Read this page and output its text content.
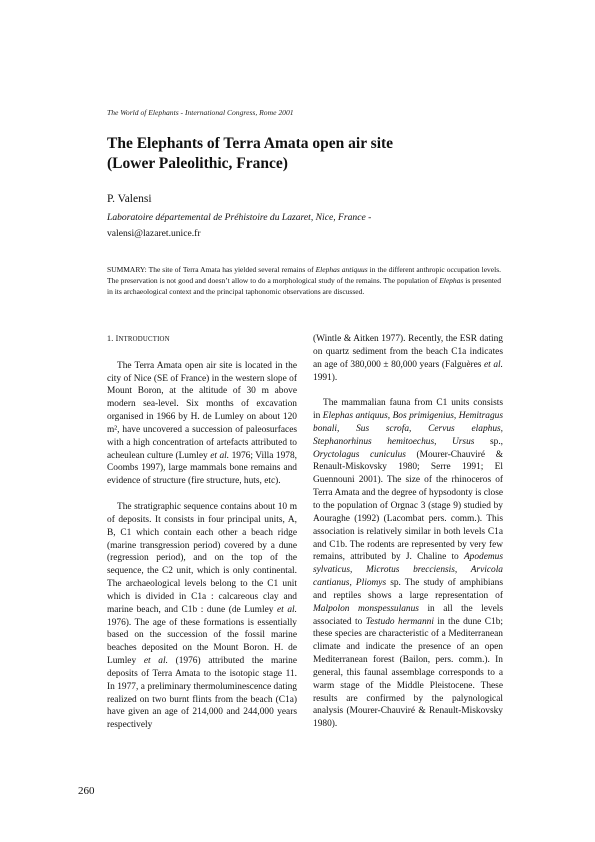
The World of Elephants - International Congress, Rome 2001
The Elephants of Terra Amata open air site
(Lower Paleolithic, France)
P. Valensi
Laboratoire départemental de Préhistoire du Lazaret, Nice, France -
valensi@lazaret.unice.fr
SUMMARY: The site of Terra Amata has yielded several remains of Elephas antiquus in the different anthropic occupation levels. The preservation is not good and doesn’t allow to do a morphological study of the remains. The population of Elephas is presented in its archaeological context and the principal taphonomic observations are discussed.

1. INTRODUCTION

The Terra Amata open air site is located in the city of Nice (SE of France) in the western slope of Mount Boron, at the altitude of 30 m above modern sea-level. Six months of excavation organised in 1966 by H. de Lumley on about 120 m², have uncovered a succession of paleosurfaces with a high concentration of artefacts attributed to acheulean culture (Lumley et al. 1976; Villa 1978, Coombs 1997), large mammals bone remains and evidence of structure (fire structure, huts, etc).

The stratigraphic sequence contains about 10 m of deposits. It consists in four principal units, A, B, C1 which contain each other a beach ridge (marine transgression period) covered by a dune (regression period), and on the top of the sequence, the C2 unit, which is only continental. The archaeological levels belong to the C1 unit which is divided in C1a : calcareous clay and marine beach, and C1b : dune (de Lumley et al. 1976). The age of these formations is essentially based on the succession of the fossil marine beaches deposited on the Mount Boron. H. de Lumley et al. (1976) attributed the marine deposits of Terra Amata to the isotopic stage 11. In 1977, a preliminary thermoluminescence dating realized on two burnt flints from the beach (C1a) have given an age of 214,000 and 244,000 years respectively

(Wintle & Aitken 1977). Recently, the ESR dating on quartz sediment from the beach C1a indicates an age of 380,000 ± 80,000 years (Falguères et al. 1991).

The mammalian fauna from C1 units consists in Elephas antiquus, Bos primigenius, Hemitragus bonali, Sus scrofa, Cervus elaphus, Stephanorhinus hemitoechus, Ursus sp., Oryctolagus cuniculus (Mourer-Chauviré & Renault-Miskovsky 1980; Serre 1991; El Guennouni 2001). The size of the rhinoceros of Terra Amata and the degree of hypsodonty is close to the population of Orgnac 3 (stage 9) studied by Aouraghe (1992) (Lacombat pers. comm.). This association is relatively similar in both levels C1a and C1b. The rodents are represented by very few remains, attributed by J. Chaline to Apodemus sylvaticus, Microtus brecciensis, Arvicola cantianus, Pliomys sp. The study of amphibians and reptiles shows a large representation of Malpolon monspessulanus in all the levels associated to Testudo hermanni in the dune C1b; these species are characteristic of a Mediterranean climate and indicate the presence of an open Mediterranean forest (Bailon, pers. comm.). In general, this faunal assemblage corresponds to a warm stage of the Middle Pleistocene. These results are confirmed by the palynological analysis (Mourer-Chauviré & Renault-Miskovsky 1980).

260
